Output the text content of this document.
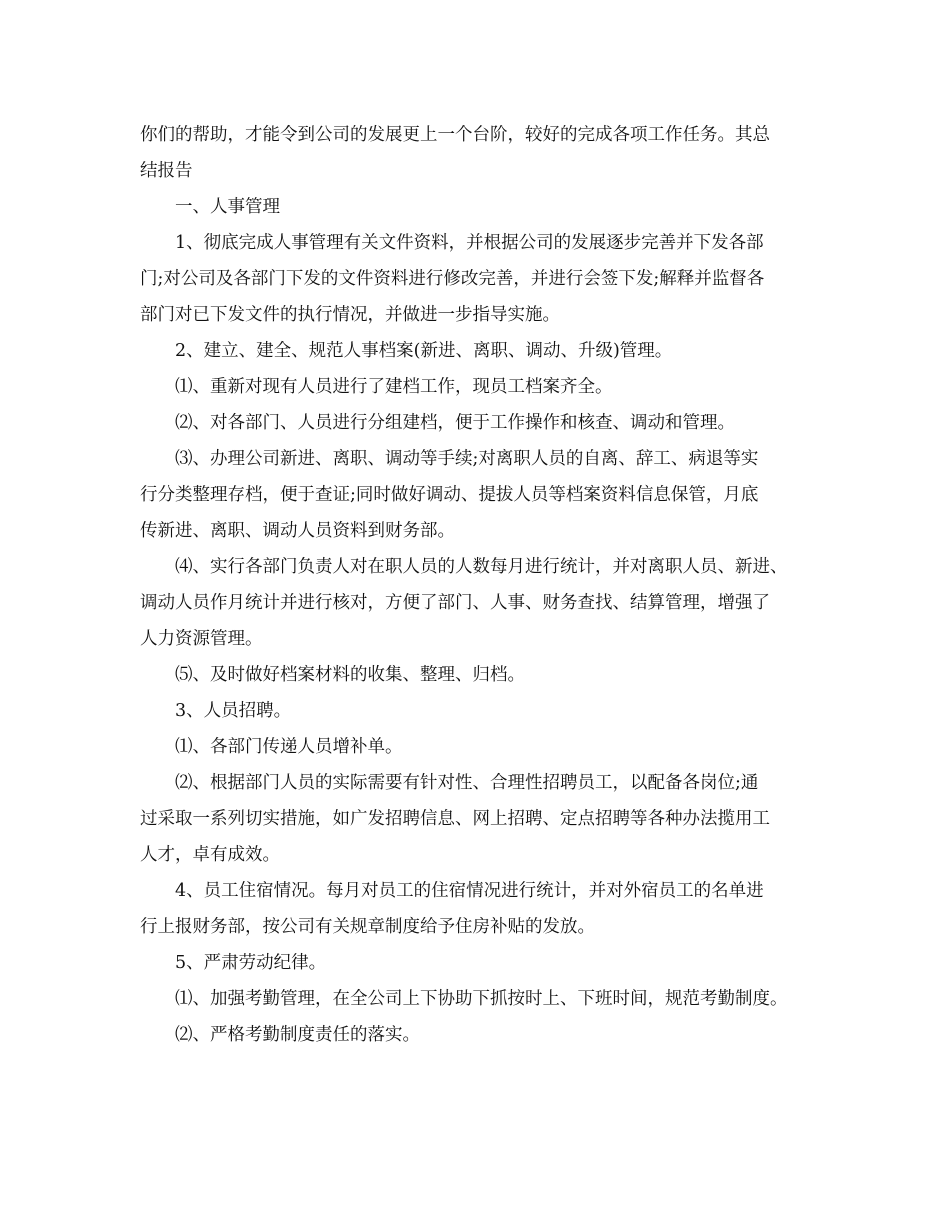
你们的帮助，才能令到公司的发展更上一个台阶，较好的完成各项工作任务。其总
结报告
一、人事管理
1、彻底完成人事管理有关文件资料，并根据公司的发展逐步完善并下发各部
门;对公司及各部门下发的文件资料进行修改完善，并进行会签下发;解释并监督各
部门对已下发文件的执行情况，并做进一步指导实施。
2、建立、建全、规范人事档案(新进、离职、调动、升级)管理。
⑴、重新对现有人员进行了建档工作，现员工档案齐全。
⑵、对各部门、人员进行分组建档，便于工作操作和核查、调动和管理。
⑶、办理公司新进、离职、调动等手续;对离职人员的自离、辞工、病退等实
行分类整理存档，便于查证;同时做好调动、提拔人员等档案资料信息保管，月底
传新进、离职、调动人员资料到财务部。
⑷、实行各部门负责人对在职人员的人数每月进行统计，并对离职人员、新进、
调动人员作月统计并进行核对，方便了部门、人事、财务查找、结算管理，增强了
人力资源管理。
⑸、及时做好档案材料的收集、整理、归档。
3、人员招聘。
⑴、各部门传递人员增补单。
⑵、根据部门人员的实际需要有针对性、合理性招聘员工，以配备各岗位;通
过采取一系列切实措施，如广发招聘信息、网上招聘、定点招聘等各种办法揽用工
人才，卓有成效。
4、员工住宿情况。每月对员工的住宿情况进行统计，并对外宿员工的名单进
行上报财务部，按公司有关规章制度给予住房补贴的发放。
5、严肃劳动纪律。
⑴、加强考勤管理，在全公司上下协助下抓按时上、下班时间，规范考勤制度。
⑵、严格考勤制度责任的落实。
